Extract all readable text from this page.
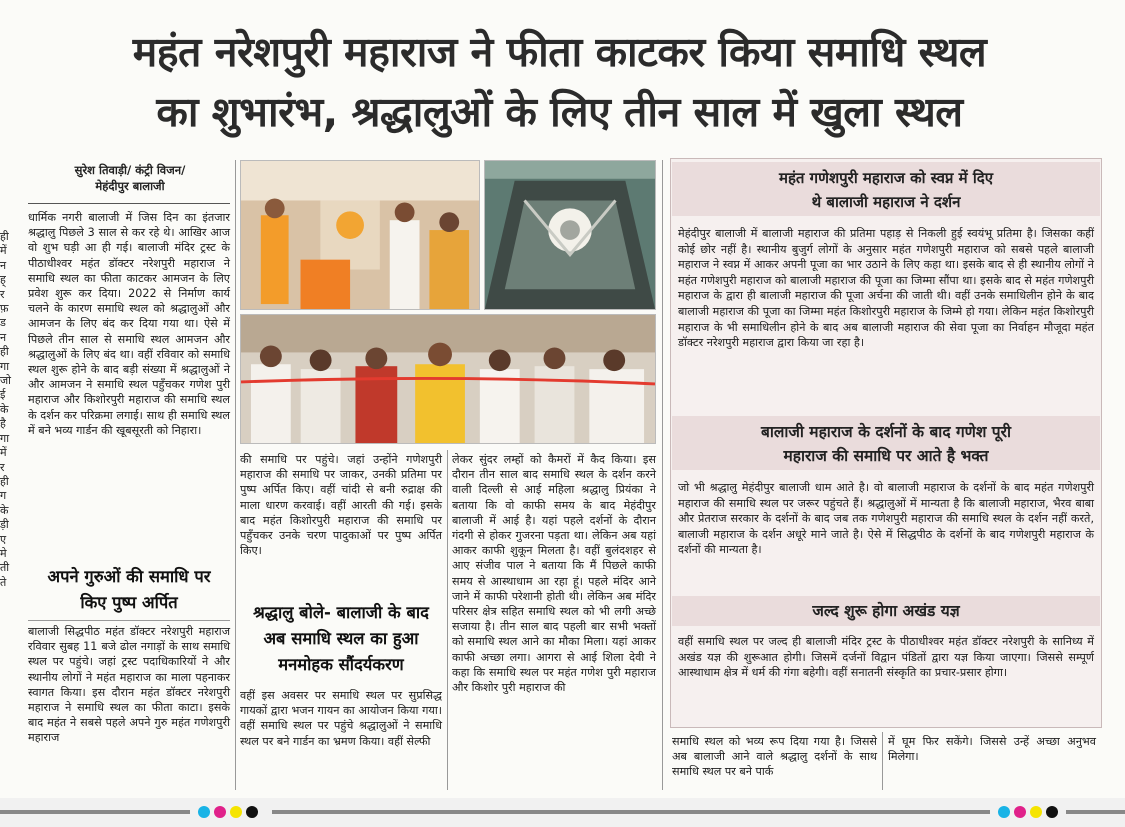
ही
में
न
ह्
र
फ़
ड
न
ही
गा
जो
ई
के
है
गा
में
र
ही
ग
के
ड़ी
ए
मे
ती
ते
महंत नरेशपुरी महाराज ने फीता काटकर किया समाधि स्थल
का शुभारंभ, श्रद्धालुओं के लिए तीन साल में खुला स्थल
सुरेश तिवाड़ी/ कंट्री विजन/
मेहंदीपुर बालाजी

धार्मिक नगरी बालाजी में जिस दिन का इंतजार श्रद्धालु पिछले 3 साल से कर रहे थे। आखिर आज वो शुभ घड़ी आ ही गई। बालाजी मंदिर ट्रस्ट के पीठाधीश्वर महंत डॉक्टर नरेशपुरी महाराज ने समाधि स्थल का फीता काटकर आमजन के लिए प्रवेश शुरू कर दिया। 2022 से निर्माण कार्य चलने के कारण समाधि स्थल को श्रद्धालुओं और आमजन के लिए बंद कर दिया गया था। ऐसे में पिछले तीन साल से समाधि स्थल आमजन और श्रद्धालुओं के लिए बंद था। वहीं रविवार को समाधि स्थल शुरू होने के बाद बड़ी संख्या में श्रद्धालुओं ने और आमजन ने समाधि स्थल पहुँचकर गणेश पुरी महाराज और किशोरपुरी महाराज की समाधि स्थल के दर्शन कर परिक्रमा लगाई। साथ ही समाधि स्थल में बने भव्य गार्डन की खूबसूरती को निहारा।

अपने गुरुओं की समाधि पर
किए पुष्प अर्पित

बालाजी सिद्धपीठ महंत डॉक्टर नरेशपुरी महाराज रविवार सुबह 11 बजे ढोल नगाड़ों के साथ समाधि स्थल पर पहुंचे। जहां ट्रस्ट पदाधिकारियों ने और स्थानीय लोगों ने महंत महाराज का माला पहनाकर स्वागत किया। इस दौरान महंत डॉक्टर नरेशपुरी महाराज ने समाधि स्थल का फीता काटा। इसके बाद महंत ने सबसे पहले अपने गुरु महंत गणेशपुरी महाराज

की समाधि पर पहुंचे। जहां उन्होंने गणेशपुरी महाराज की समाधि पर जाकर, उनकी प्रतिमा पर पुष्प अर्पित किए। वहीं चांदी से बनी रुद्राक्ष की माला धारण करवाई। वहीं आरती की गई। इसके बाद महंत किशोरपुरी महाराज की समाधि पर पहुँचकर उनके चरण पादुकाओं पर पुष्प अर्पित किए।

श्रद्धालु बोले- बालाजी के बाद
अब समाधि स्थल का हुआ
मनमोहक सौंदर्यकरण

वहीं इस अवसर पर समाधि स्थल पर सुप्रसिद्ध गायकों द्वारा भजन गायन का आयोजन किया गया। वहीं समाधि स्थल पर पहुंचे श्रद्धालुओं ने समाधि स्थल पर बने गार्डन का भ्रमण किया। वहीं सेल्फी

लेकर सुंदर लम्हों को कैमरों में कैद किया। इस दौरान तीन साल बाद समाधि स्थल के दर्शन करने वाली दिल्ली से आई महिला श्रद्धालु प्रियंका ने बताया कि वो काफी समय के बाद मेहंदीपुर बालाजी में आई है। यहां पहले दर्शनों के दौरान गंदगी से होकर गुजरना पड़ता था। लेकिन अब यहां आकर काफी शुकून मिलता है। वहीं बुलंदशहर से आए संजीव पाल ने बताया कि मैं पिछले काफी समय से आस्थाधाम आ रहा हूं। पहले मंदिर आने जाने में काफी परेशानी होती थी। लेकिन अब मंदिर परिसर क्षेत्र सहित समाधि स्थल को भी लगी अच्छे सजाया है। तीन साल बाद पहली बार सभी भक्तों को समाधि स्थल आने का मौका मिला। यहां आकर काफी अच्छा लगा। आगरा से आई शिला देवी ने कहा कि समाधि स्थल पर महंत गणेश पुरी महाराज और किशोर पुरी महाराज की

महंत गणेशपुरी महाराज को स्वप्न में दिए
थे बालाजी महाराज ने दर्शन

मेहंदीपुर बालाजी में बालाजी महाराज की प्रतिमा पहाड़ से निकली हुई स्वयंभू प्रतिमा है। जिसका कहीं कोई छोर नहीं है। स्थानीय बुजुर्ग लोगों के अनुसार महंत गणेशपुरी महाराज को सबसे पहले बालाजी महाराज ने स्वप्न में आकर अपनी पूजा का भार उठाने के लिए कहा था। इसके बाद से ही स्थानीय लोगों ने महंत गणेशपुरी महाराज को बालाजी महाराज की पूजा का जिम्मा सौंपा था। इसके बाद से महंत गणेशपुरी महाराज के द्वारा ही बालाजी महाराज की पूजा अर्चना की जाती थी। वहीं उनके समाधिलीन होने के बाद बालाजी महाराज की पूजा का जिम्मा महंत किशोरपुरी महाराज के जिम्मे हो गया। लेकिन महंत किशोरपुरी महाराज के भी समाधिलीन होने के बाद अब बालाजी महाराज की सेवा पूजा का निर्वाहन मौजूदा महंत डॉक्टर नरेशपुरी महाराज द्वारा किया जा रहा है।

बालाजी महाराज के दर्शनों के बाद गणेश पूरी
महाराज की समाधि पर आते है भक्त

जो भी श्रद्धालु मेहंदीपुर बालाजी धाम आते है। वो बालाजी महाराज के दर्शनों के बाद महंत गणेशपुरी महाराज की समाधि स्थल पर जरूर पहुंचते हैं। श्रद्धालुओं में मान्यता है कि बालाजी महाराज, भैरव बाबा और प्रेतराज सरकार के दर्शनों के बाद जब तक गणेशपुरी महाराज की समाधि स्थल के दर्शन नहीं करते, बालाजी महाराज के दर्शन अधूरे माने जाते है। ऐसे में सिद्धपीठ के दर्शनों के बाद गणेशपुरी महाराज के दर्शनों की मान्यता है।

जल्द शुरू होगा अखंड यज्ञ

वहीं समाधि स्थल पर जल्द ही बालाजी मंदिर ट्रस्ट के पीठाधीश्वर महंत डॉक्टर नरेशपुरी के सानिध्य में अखंड यज्ञ की शुरूआत होगी। जिसमें दर्जनों विद्वान पंडितों द्वारा यज्ञ किया जाएगा। जिससे सम्पूर्ण आस्थाधाम क्षेत्र में धर्म की गंगा बहेगी। वहीं सनातनी संस्कृति का प्रचार-प्रसार होगा।

समाधि स्थल को भव्य रूप दिया गया है। जिससे अब बालाजी आने वाले श्रद्धालु दर्शनों के साथ समाधि स्थल पर बने पार्क

में घूम फिर सकेंगे। जिससे उन्हें अच्छा अनुभव मिलेगा।
